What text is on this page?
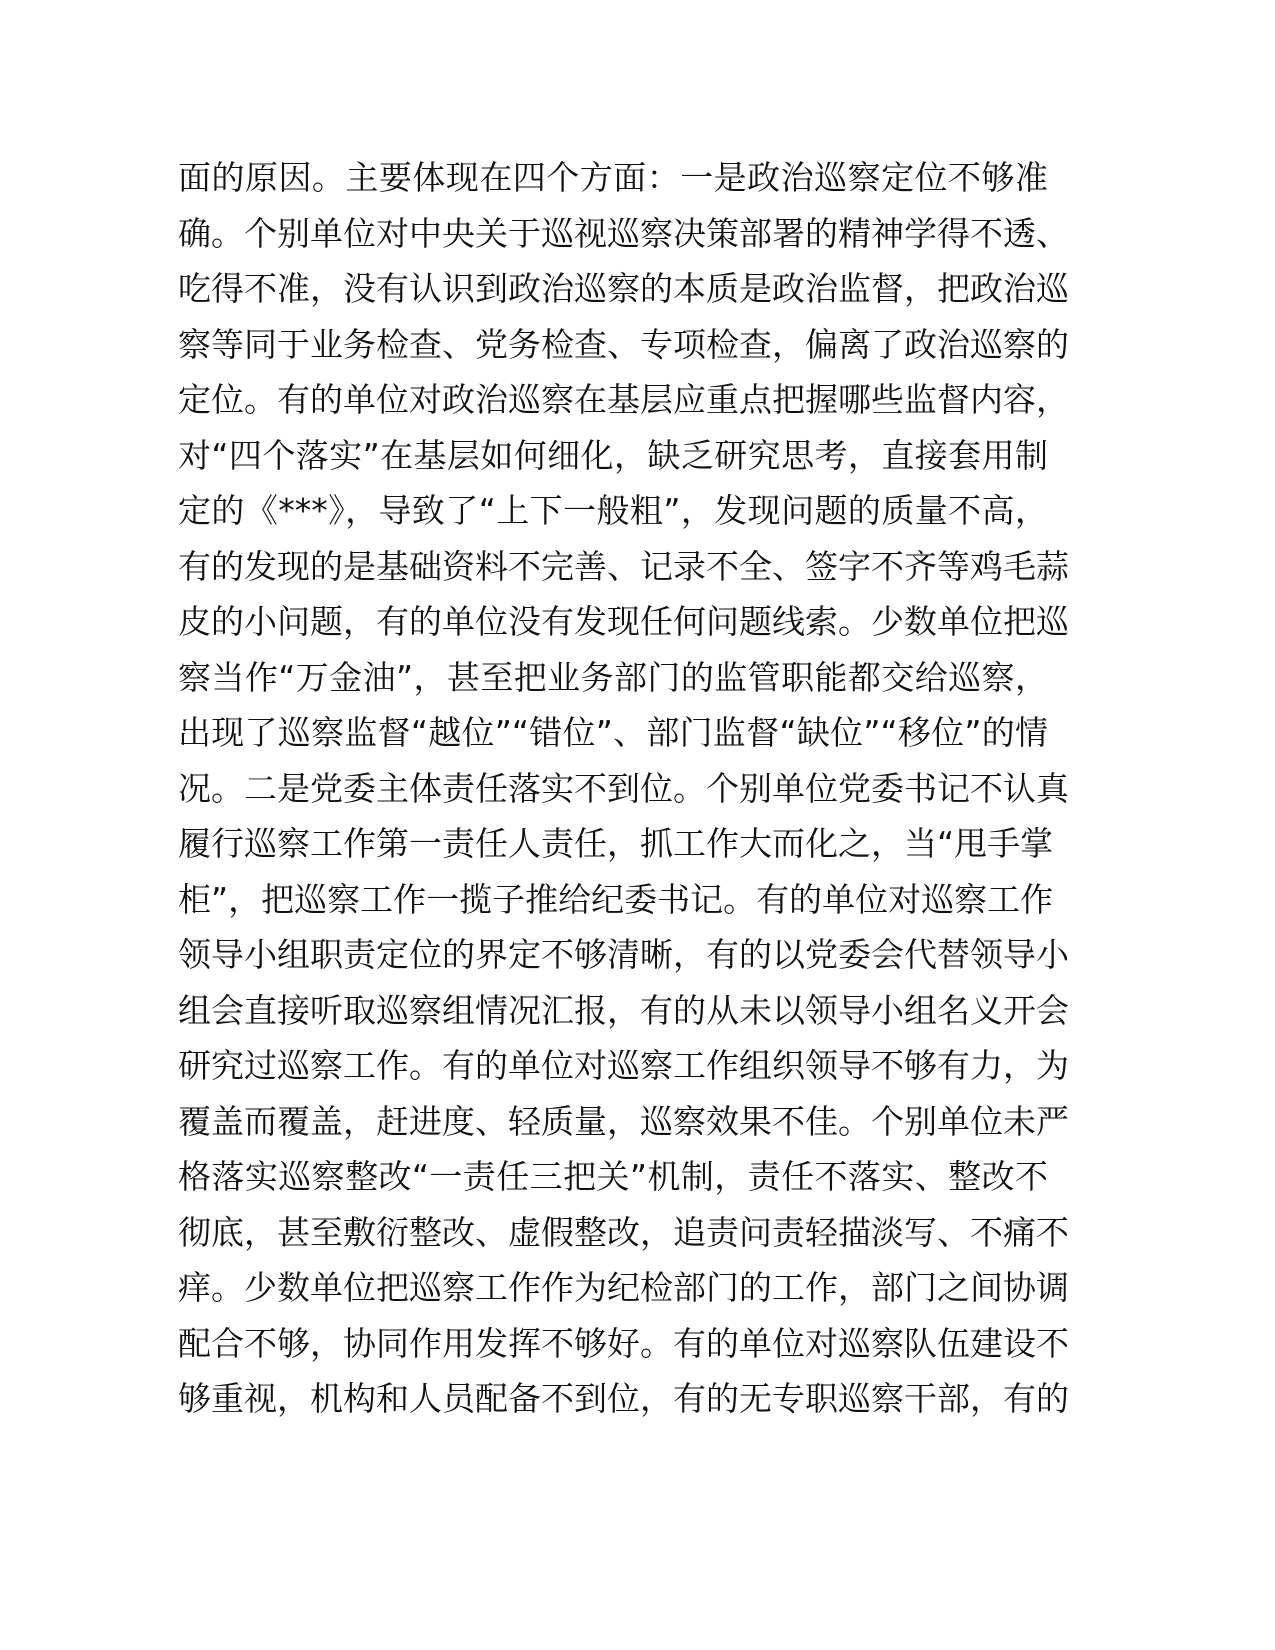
面的原因。主要体现在四个方面：一是政治巡察定位不够准
确。个别单位对中央关于巡视巡察决策部署的精神学得不透、
吃得不准，没有认识到政治巡察的本质是政治监督，把政治巡
察等同于业务检查、党务检查、专项检查，偏离了政治巡察的
定位。有的单位对政治巡察在基层应重点把握哪些监督内容，
对“四个落实”在基层如何细化，缺乏研究思考，直接套用制
定的《***》，导致了“上下一般粗”，发现问题的质量不高，
有的发现的是基础资料不完善、记录不全、签字不齐等鸡毛蒜
皮的小问题，有的单位没有发现任何问题线索。少数单位把巡
察当作“万金油”，甚至把业务部门的监管职能都交给巡察，
出现了巡察监督“越位”“错位”、部门监督“缺位”“移位”的情
况。二是党委主体责任落实不到位。个别单位党委书记不认真
履行巡察工作第一责任人责任，抓工作大而化之，当“甩手掌
柜”，把巡察工作一揽子推给纪委书记。有的单位对巡察工作
领导小组职责定位的界定不够清晰，有的以党委会代替领导小
组会直接听取巡察组情况汇报，有的从未以领导小组名义开会
研究过巡察工作。有的单位对巡察工作组织领导不够有力，为
覆盖而覆盖，赶进度、轻质量，巡察效果不佳。个别单位未严
格落实巡察整改“一责任三把关”机制，责任不落实、整改不
彻底，甚至敷衍整改、虚假整改，追责问责轻描淡写、不痛不
痒。少数单位把巡察工作作为纪检部门的工作，部门之间协调
配合不够，协同作用发挥不够好。有的单位对巡察队伍建设不
够重视，机构和人员配备不到位，有的无专职巡察干部，有的
